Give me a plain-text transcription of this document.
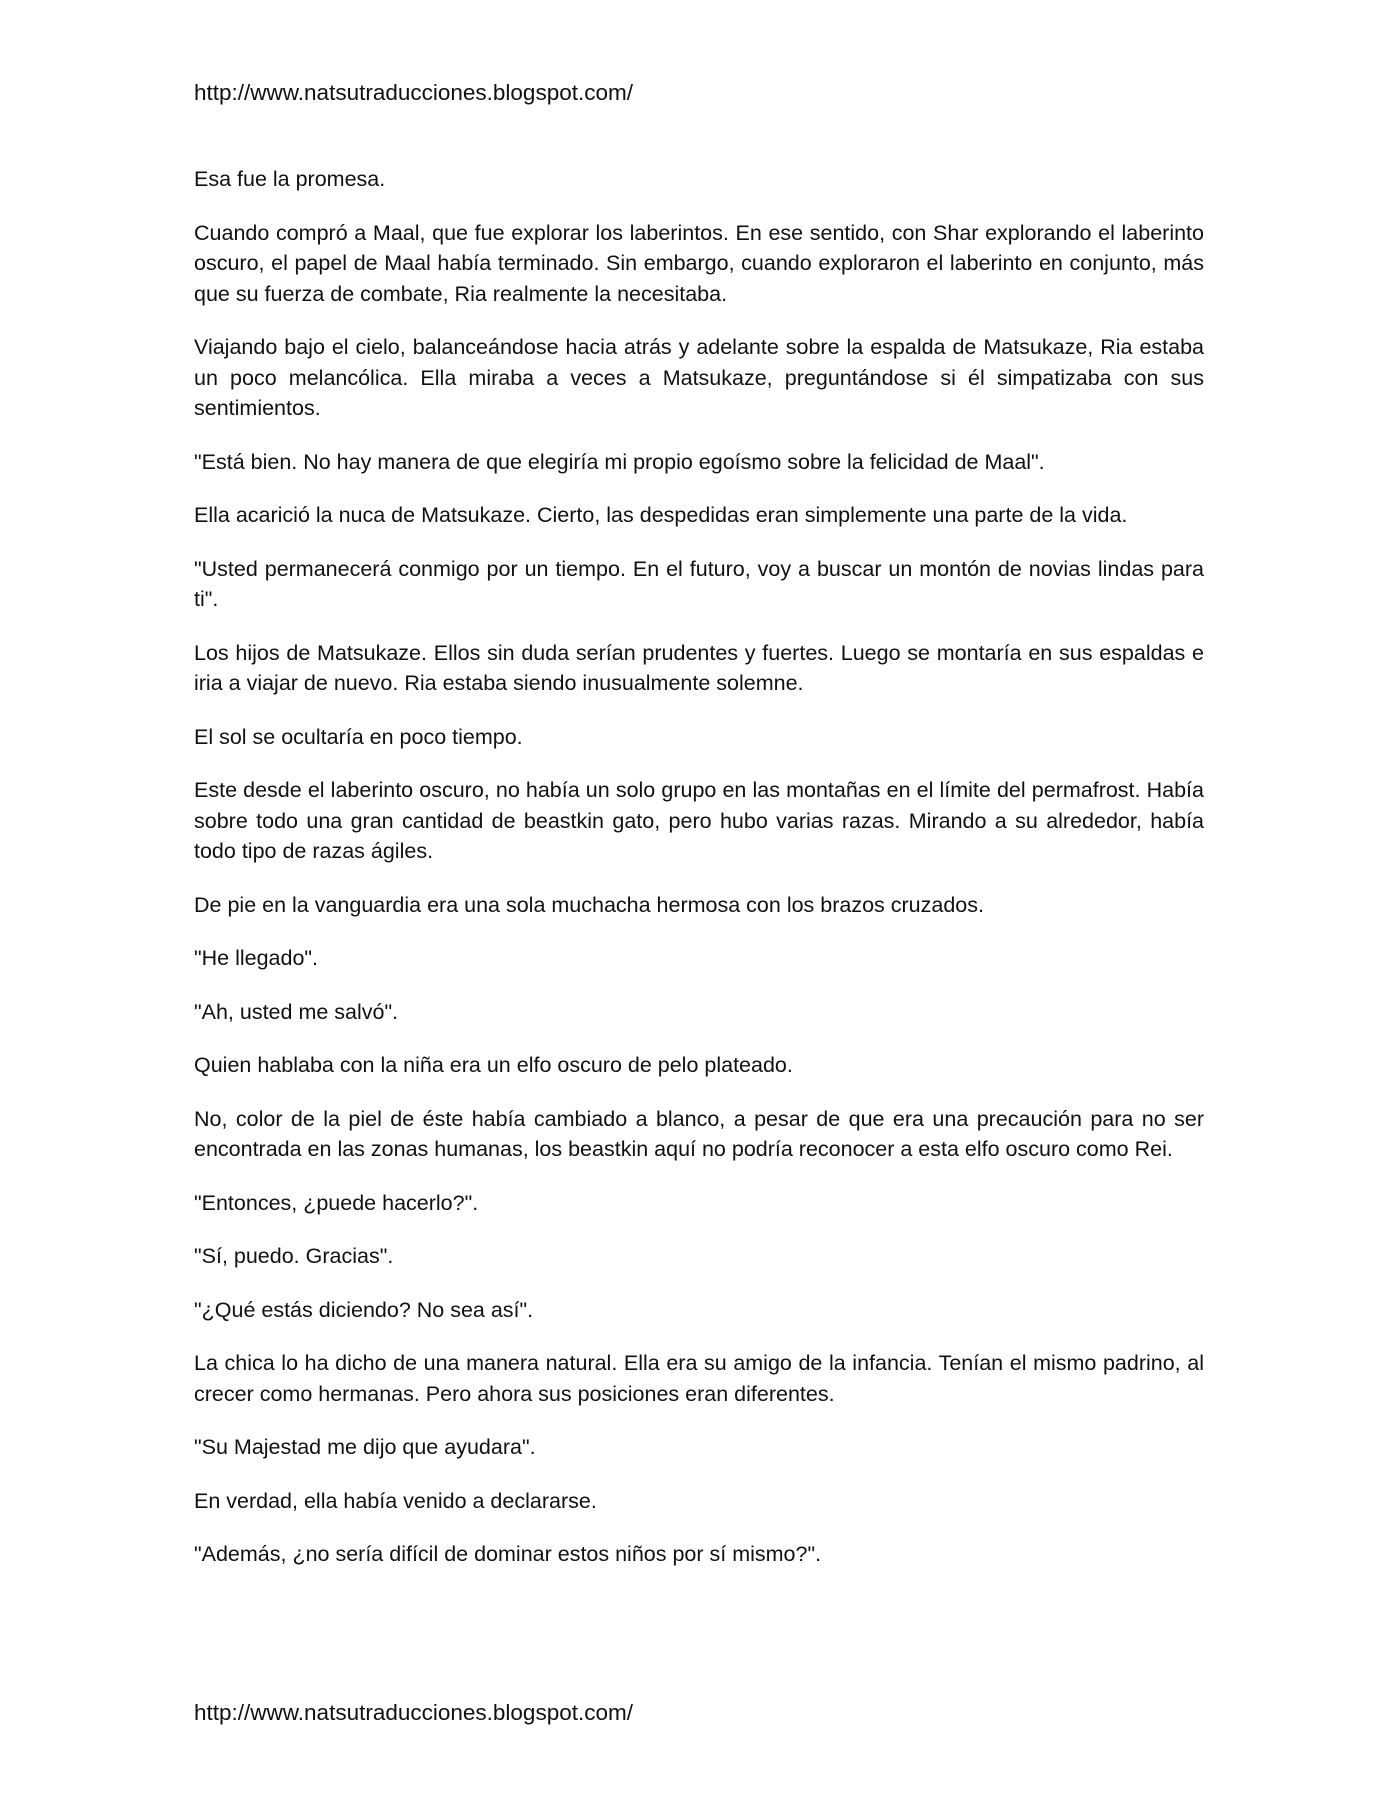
http://www.natsutraducciones.blogspot.com/

Esa fue la promesa.

Cuando compró a Maal, que fue explorar los laberintos. En ese sentido, con Shar explorando el laberinto oscuro, el papel de Maal había terminado. Sin embargo, cuando exploraron el laberinto en conjunto, más que su fuerza de combate, Ria realmente la necesitaba.

Viajando bajo el cielo, balanceándose hacia atrás y adelante sobre la espalda de Matsukaze, Ria estaba un poco melancólica. Ella miraba a veces a Matsukaze, preguntándose si él simpatizaba con sus sentimientos.

"Está bien. No hay manera de que elegiría mi propio egoísmo sobre la felicidad de Maal".

Ella acarició la nuca de Matsukaze. Cierto, las despedidas eran simplemente una parte de la vida.

"Usted permanecerá conmigo por un tiempo. En el futuro, voy a buscar un montón de novias lindas para ti".

Los hijos de Matsukaze. Ellos sin duda serían prudentes y fuertes. Luego se montaría en sus espaldas e iria a viajar de nuevo. Ria estaba siendo inusualmente solemne.

El sol se ocultaría en poco tiempo.

Este desde el laberinto oscuro, no había un solo grupo en las montañas en el límite del permafrost. Había sobre todo una gran cantidad de beastkin gato, pero hubo varias razas. Mirando a su alrededor, había todo tipo de razas ágiles.

De pie en la vanguardia era una sola muchacha hermosa con los brazos cruzados.

"He llegado".

"Ah, usted me salvó".

Quien hablaba con la niña era un elfo oscuro de pelo plateado.

No, color de la piel de éste había cambiado a blanco, a pesar de que era una precaución para no ser encontrada en las zonas humanas, los beastkin aquí no podría reconocer a esta elfo oscuro como Rei.

"Entonces, ¿puede hacerlo?".

"Sí, puedo. Gracias".

"¿Qué estás diciendo? No sea así".

La chica lo ha dicho de una manera natural. Ella era su amigo de la infancia. Tenían el mismo padrino, al crecer como hermanas. Pero ahora sus posiciones eran diferentes.

"Su Majestad me dijo que ayudara".

En verdad, ella había venido a declararse.

"Además, ¿no sería difícil de dominar estos niños por sí mismo?".

http://www.natsutraducciones.blogspot.com/
